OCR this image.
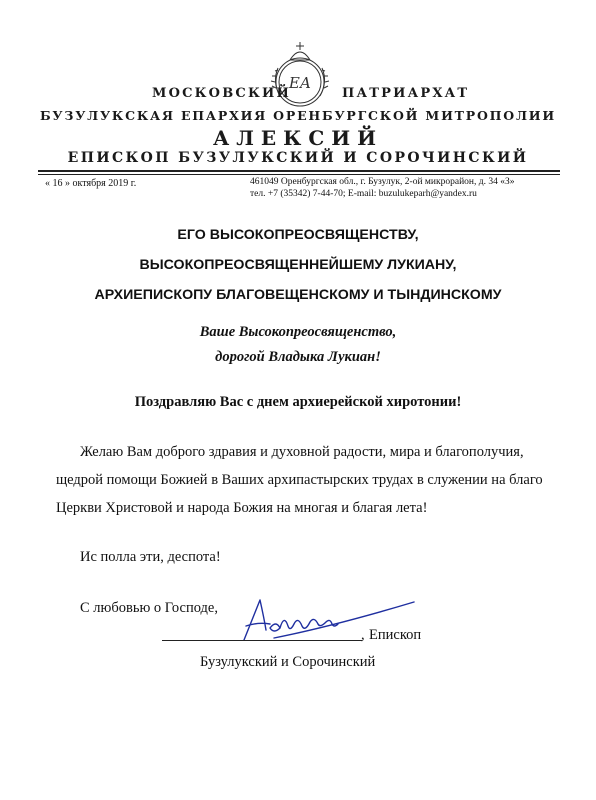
ЕА
МОСКОВСКИЙ	ПАТРИАРХАТ
БУЗУЛУКСКАЯ ЕПАРХИЯ ОРЕНБУРГСКОЙ МИТРОПОЛИИ
АЛЕКСИЙ
ЕПИСКОП БУЗУЛУКСКИЙ И СОРОЧИНСКИЙ
« 16 » октября 2019 г.	461049 Оренбургская обл., г. Бузулук, 2-ой микрорайон, д. 34 «З»
тел. +7 (35342) 7-44-70; E-mail: buzulukeparh@yandex.ru
ЕГО ВЫСОКОПРЕОСВЯЩЕНСТВУ,
ВЫСОКОПРЕОСВЯЩЕННЕЙШЕМУ ЛУКИАНУ,
АРХИЕПИСКОПУ БЛАГОВЕЩЕНСКОМУ И ТЫНДИНСКОМУ
Ваше Высокопреосвященство,
дорогой Владыка Лукиан!
Поздравляю Вас с днем архиерейской хиротонии!
Желаю Вам доброго здравия и духовной радости, мира и благополучия,
щедрой помощи Божией в Ваших архипастырских трудах в служении на благо
Церкви Христовой и народа Божия на многая и благая лета!
Ис полла эти, деспота!
С любовью о Господе,
, Епископ
Бузулукский и Сорочинский
